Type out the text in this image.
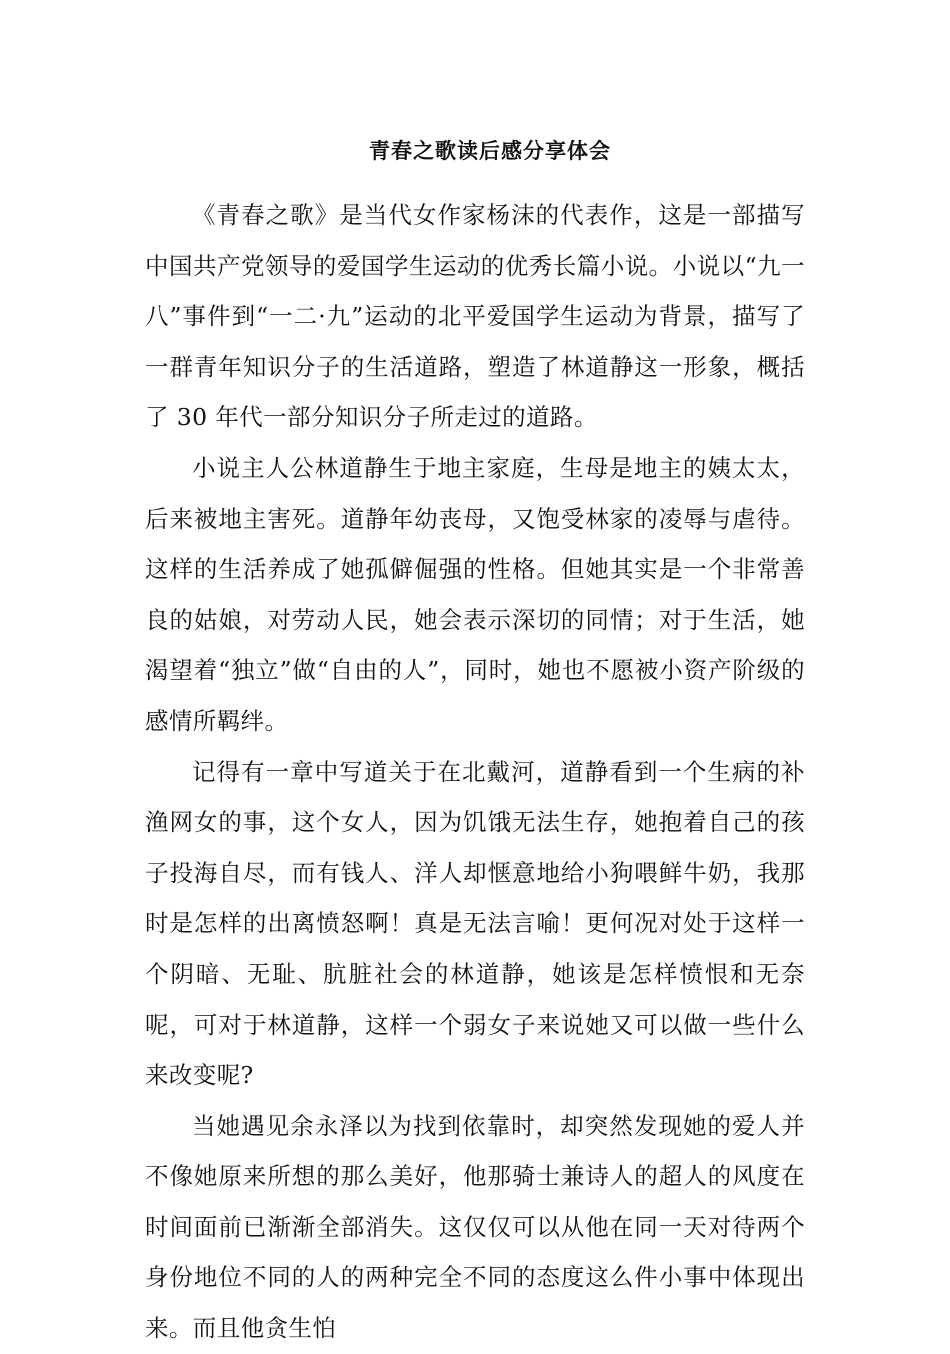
青春之歌读后感分享体会

《青春之歌》是当代女作家杨沫的代表作，这是一部描写中国共产党领导的爱国学生运动的优秀长篇小说。小说以“九一八”事件到“一二·九”运动的北平爱国学生运动为背景，描写了一群青年知识分子的生活道路，塑造了林道静这一形象，概括了 30 年代一部分知识分子所走过的道路。

小说主人公林道静生于地主家庭，生母是地主的姨太太，后来被地主害死。道静年幼丧母，又饱受林家的凌辱与虐待。这样的生活养成了她孤僻倔强的性格。但她其实是一个非常善良的姑娘，对劳动人民，她会表示深切的同情；对于生活，她渴望着“独立”做“自由的人”，同时，她也不愿被小资产阶级的感情所羁绊。

记得有一章中写道关于在北戴河，道静看到一个生病的补渔网女的事，这个女人，因为饥饿无法生存，她抱着自己的孩子投海自尽，而有钱人、洋人却惬意地给小狗喂鲜牛奶，我那时是怎样的出离愤怒啊！真是无法言喻！更何况对处于这样一个阴暗、无耻、肮脏社会的林道静，她该是怎样愤恨和无奈呢，可对于林道静，这样一个弱女子来说她又可以做一些什么来改变呢?

当她遇见余永泽以为找到依靠时，却突然发现她的爱人并不像她原来所想的那么美好，他那骑士兼诗人的超人的风度在时间面前已渐渐全部消失。这仅仅可以从他在同一天对待两个身份地位不同的人的两种完全不同的态度这么件小事中体现出来。而且他贪生怕
